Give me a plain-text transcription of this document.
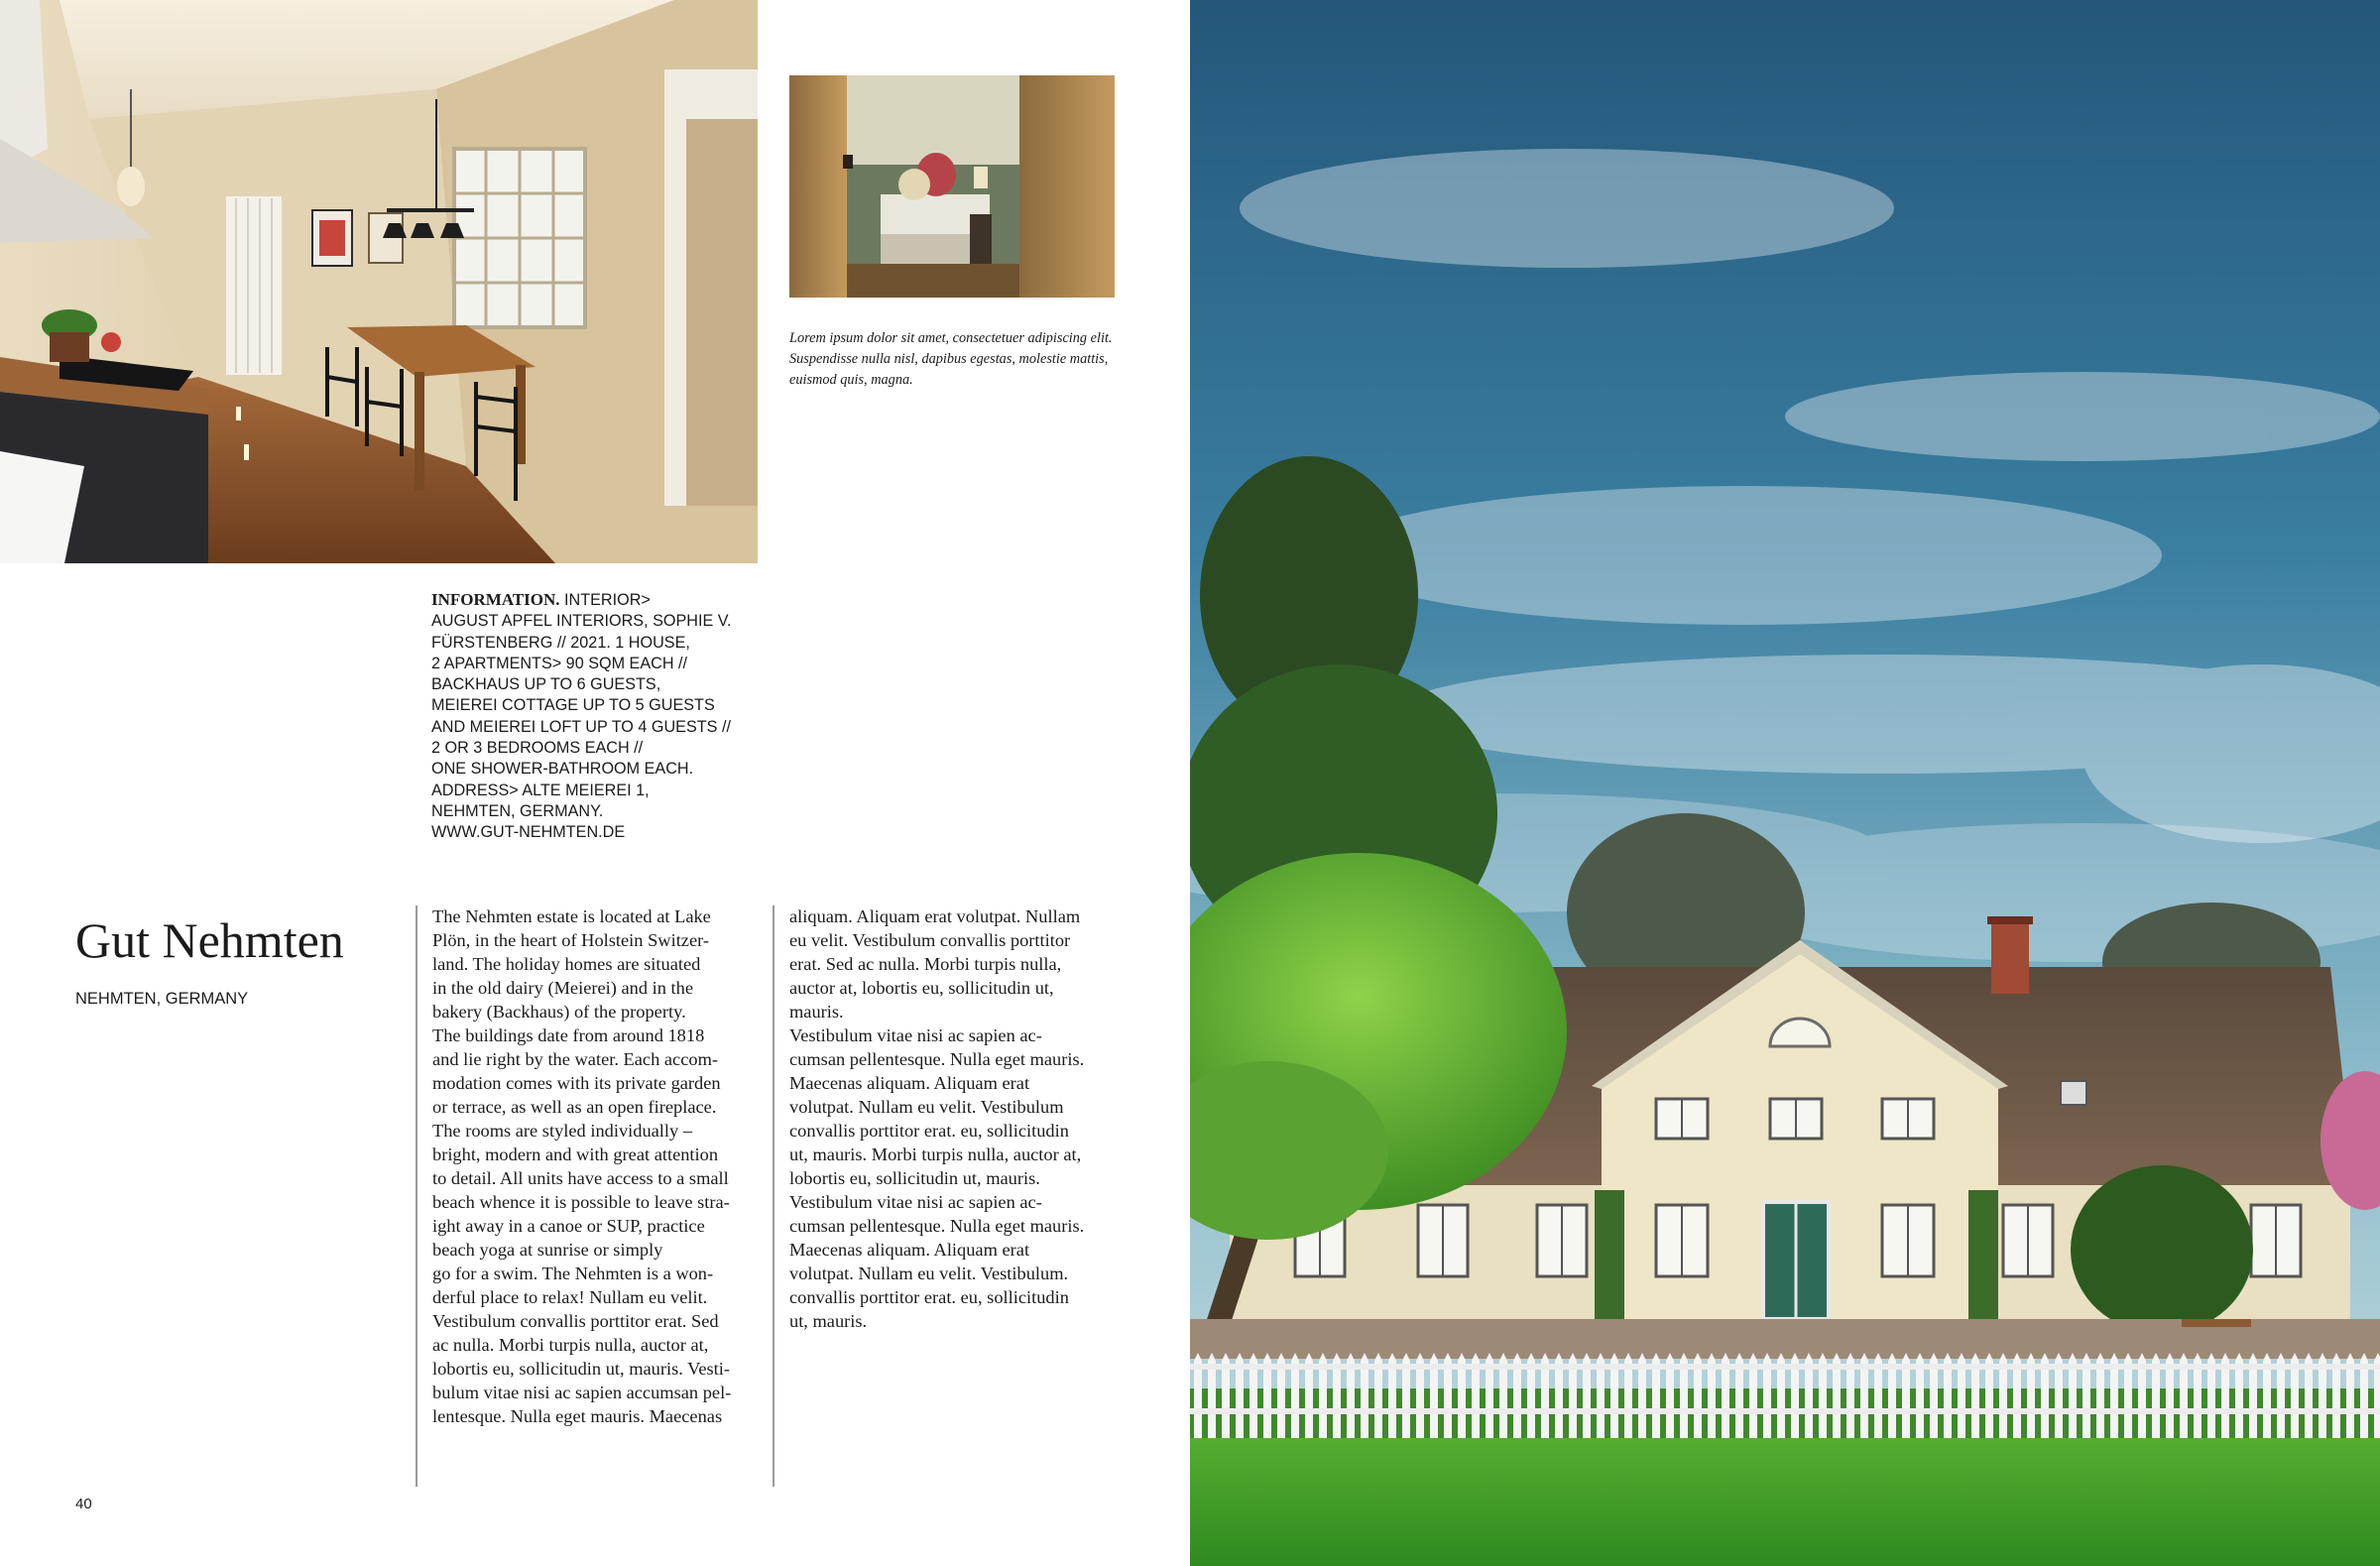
Lorem ipsum dolor sit amet, consectetuer adipiscing elit. Suspendisse nulla nisl, dapibus egestas, molestie mattis, euismod quis, magna.

INFORMATION. INTERIOR>
AUGUST APFEL INTERIORS, SOPHIE V.
FÜRSTENBERG // 2021. 1 HOUSE,
2 APARTMENTS> 90 SQM EACH //
BACKHAUS UP TO 6 GUESTS,
MEIEREI COTTAGE UP TO 5 GUESTS
AND MEIEREI LOFT UP TO 4 GUESTS //
2 OR 3 BEDROOMS EACH //
ONE SHOWER-BATHROOM EACH.
ADDRESS> ALTE MEIEREI 1,
NEHMTEN, GERMANY.
WWW.GUT-NEHMTEN.DE
Gut Nehmten

NEHMTEN, GERMANY

The Nehmten estate is located at Lake
Plön, in the heart of Holstein Switzer-
land. The holiday homes are situated
in the old dairy (Meierei) and in the
bakery (Backhaus) of the property.
The buildings date from around 1818
and lie right by the water. Each accom-
modation comes with its private garden
or terrace, as well as an open fireplace.
The rooms are styled individually –
bright, modern and with great attention
to detail. All units have access to a small
beach whence it is possible to leave stra-
ight away in a canoe or SUP, practice
beach yoga at sunrise or simply
go for a swim. The Nehmten is a won-
derful place to relax! Nullam eu velit.
Vestibulum convallis porttitor erat. Sed
ac nulla. Morbi turpis nulla, auctor at,
lobortis eu, sollicitudin ut, mauris. Vesti-
bulum vitae nisi ac sapien accumsan pel-
lentesque. Nulla eget mauris. Maecenas
aliquam. Aliquam erat volutpat. Nullam
eu velit. Vestibulum convallis porttitor
erat. Sed ac nulla. Morbi turpis nulla,
auctor at, lobortis eu, sollicitudin ut,
mauris.
Vestibulum vitae nisi ac sapien ac-
cumsan pellentesque. Nulla eget mauris.
Maecenas aliquam. Aliquam erat
volutpat. Nullam eu velit. Vestibulum
convallis porttitor erat. eu, sollicitudin
ut, mauris. Morbi turpis nulla, auctor at,
lobortis eu, sollicitudin ut, mauris.
Vestibulum vitae nisi ac sapien ac-
cumsan pellentesque. Nulla eget mauris.
Maecenas aliquam. Aliquam erat
volutpat. Nullam eu velit. Vestibulum.
convallis porttitor erat. eu, sollicitudin
ut, mauris.

40
